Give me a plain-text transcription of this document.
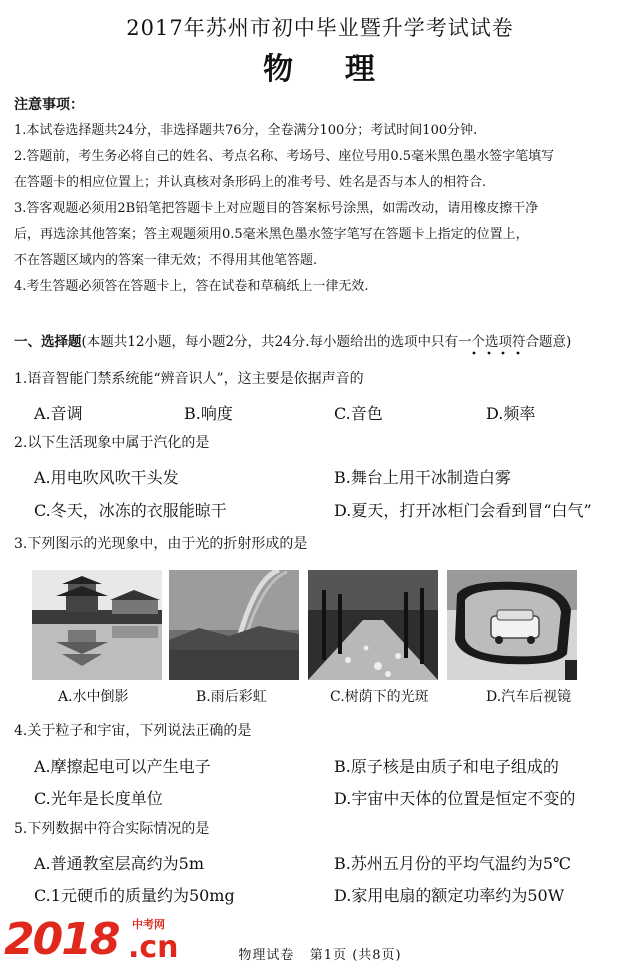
2017年苏州市初中毕业暨升学考试试卷
物    理
注意事项：

1.本试卷选择题共24分，非选择题共76分，全卷满分100分；考试时间100分钟.

2.答题前，考生务必将自己的姓名、考点名称、考场号、座位号用0.5毫米黑色墨水签字笔填写

在答题卡的相应位置上；并认真核对条形码上的准考号、姓名是否与本人的相符合.

3.答客观题必须用2B铅笔把答题卡上对应题目的答案标号涂黑，如需改动，请用橡皮擦干净

后，再选涂其他答案；答主观题须用0.5毫米黑色墨水签字笔写在答题卡上指定的位置上，

不在答题区域内的答案一律无效；不得用其他笔答题.

4.考生答题必须答在答题卡上，答在试卷和草稿纸上一律无效.

一、选择题(本题共12小题，每小题2分，共24分.每小题给出的选项中只有一个选项符合题意)
1.语音智能门禁系统能“辨音识人”，这主要是依据声音的
A.音调	B.响度	C.音色	D.频率
2.以下生活现象中属于汽化的是
A.用电吹风吹干头发	B.舞台上用干冰制造白雾
C.冬天，冰冻的衣服能晾干	D.夏天，打开冰柜门会看到冒“白气”
3.下列图示的光现象中，由于光的折射形成的是
A.水中倒影	B.雨后彩虹	C.树荫下的光斑	D.汽车后视镜
4.关于粒子和宇宙，下列说法正确的是
A.摩擦起电可以产生电子	B.原子核是由质子和电子组成的
C.光年是长度单位	D.宇宙中天体的位置是恒定不变的
5.下列数据中符合实际情况的是
A.普通教室层高约为5m	B.苏州五月份的平均气温约为5℃
C.1元硬币的质量约为50mg	D.家用电扇的额定功率约为50W
2018 中考网
.cn	物理试卷   第1页 (共8页)
